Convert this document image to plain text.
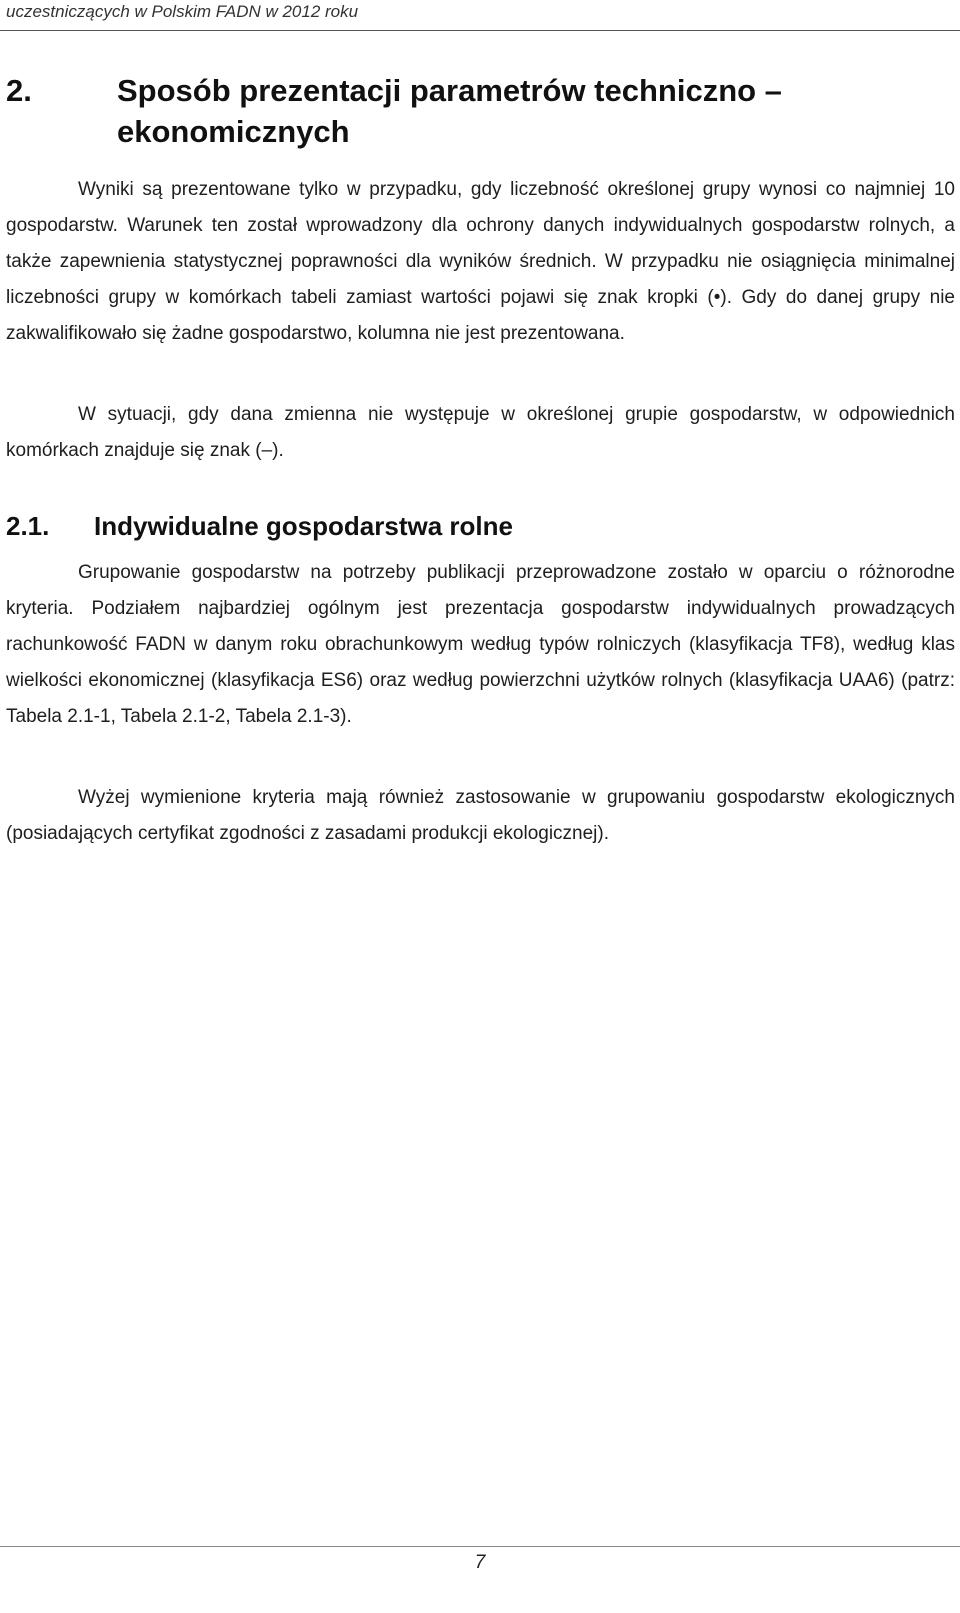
uczestniczących w Polskim FADN w 2012 roku
2.	Sposób prezentacji parametrów techniczno – ekonomicznych

Wyniki są prezentowane tylko w przypadku, gdy liczebność określonej grupy wynosi co najmniej 10 gospodarstw. Warunek ten został wprowadzony dla ochrony danych indywidualnych gospodarstw rolnych, a także zapewnienia statystycznej poprawności dla wyników średnich. W przypadku nie osiągnięcia minimalnej liczebności grupy w komórkach tabeli zamiast wartości pojawi się znak kropki (•). Gdy do danej grupy nie zakwalifikowało się żadne gospodarstwo, kolumna nie jest prezentowana.

W sytuacji, gdy dana zmienna nie występuje w określonej grupie gospodarstw, w odpowiednich komórkach znajduje się znak (–).

2.1. Indywidualne gospodarstwa rolne

Grupowanie gospodarstw na potrzeby publikacji przeprowadzone zostało w oparciu o różnorodne kryteria. Podziałem najbardziej ogólnym jest prezentacja gospodarstw indywidualnych prowadzących rachunkowość FADN w danym roku obrachunkowym według typów rolniczych (klasyfikacja TF8), według klas wielkości ekonomicznej (klasyfikacja ES6) oraz według powierzchni użytków rolnych (klasyfikacja UAA6) (patrz: Tabela 2.1-1, Tabela 2.1-2, Tabela 2.1-3).

Wyżej wymienione kryteria mają również zastosowanie w grupowaniu gospodarstw ekologicznych (posiadających certyfikat zgodności z zasadami produkcji ekologicznej).

7
